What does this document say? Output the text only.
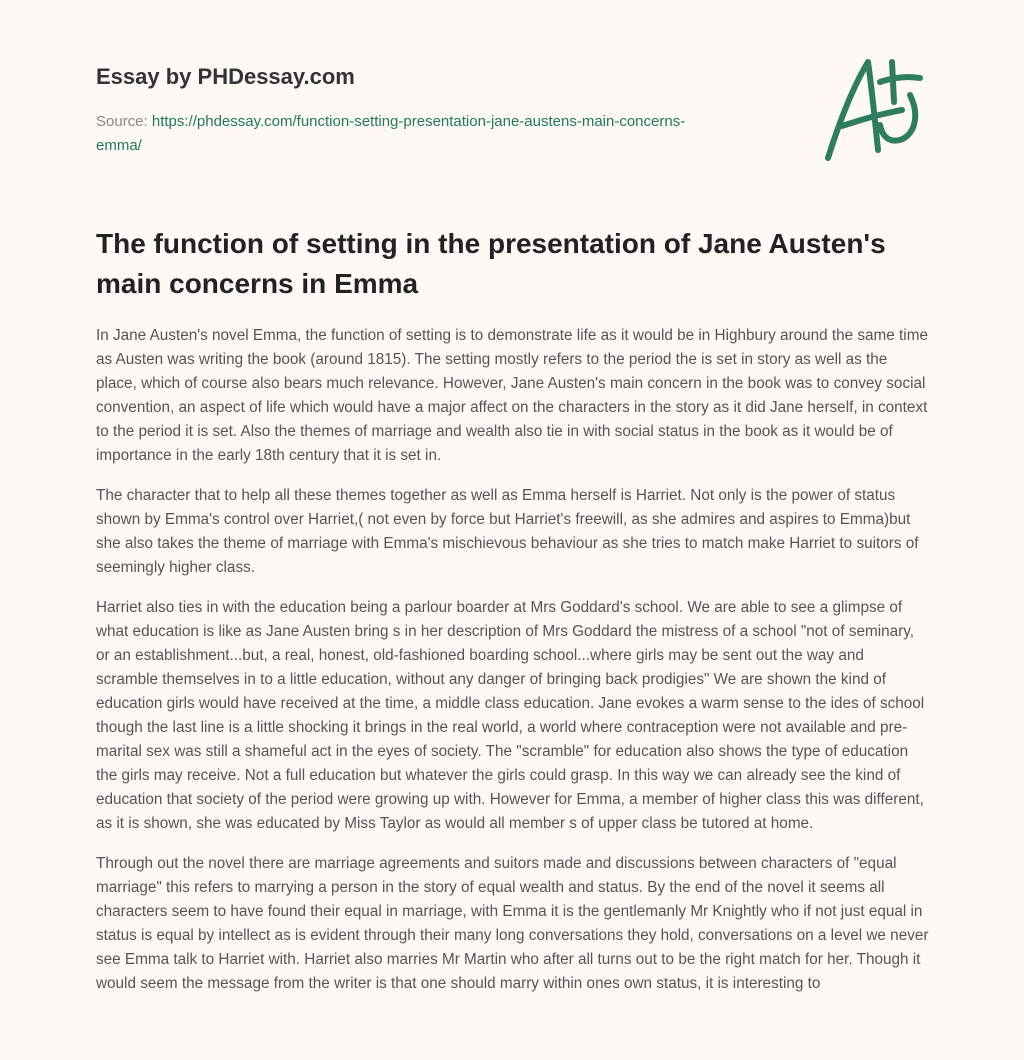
Essay by PHDessay.com
Source: https://phdessay.com/function-setting-presentation-jane-austens-main-concerns-emma/
The function of setting in the presentation of Jane Austen's main concerns in Emma

In Jane Austen's novel Emma, the function of setting is to demonstrate life as it would be in Highbury around the same time as Austen was writing the book (around 1815). The setting mostly refers to the period the is set in story as well as the place, which of course also bears much relevance. However, Jane Austen's main concern in the book was to convey social convention, an aspect of life which would have a major affect on the characters in the story as it did Jane herself, in context to the period it is set. Also the themes of marriage and wealth also tie in with social status in the book as it would be of importance in the early 18th century that it is set in.

The character that to help all these themes together as well as Emma herself is Harriet. Not only is the power of status shown by Emma's control over Harriet,( not even by force but Harriet's freewill, as she admires and aspires to Emma)but she also takes the theme of marriage with Emma's mischievous behaviour as she tries to match make Harriet to suitors of seemingly higher class.

Harriet also ties in with the education being a parlour boarder at Mrs Goddard's school. We are able to see a glimpse of what education is like as Jane Austen bring s in her description of Mrs Goddard the mistress of a school "not of seminary, or an establishment...but, a real, honest, old-fashioned boarding school...where girls may be sent out the way and scramble themselves in to a little education, without any danger of bringing back prodigies" We are shown the kind of education girls would have received at the time, a middle class education. Jane evokes a warm sense to the ides of school though the last line is a little shocking it brings in the real world, a world where contraception were not available and pre-marital sex was still a shameful act in the eyes of society. The "scramble" for education also shows the type of education the girls may receive. Not a full education but whatever the girls could grasp. In this way we can already see the kind of education that society of the period were growing up with. However for Emma, a member of higher class this was different, as it is shown, she was educated by Miss Taylor as would all member s of upper class be tutored at home.

Through out the novel there are marriage agreements and suitors made and discussions between characters of "equal marriage" this refers to marrying a person in the story of equal wealth and status. By the end of the novel it seems all characters seem to have found their equal in marriage, with Emma it is the gentlemanly Mr Knightly who if not just equal in status is equal by intellect as is evident through their many long conversations they hold, conversations on a level we never see Emma talk to Harriet with. Harriet also marries Mr Martin who after all turns out to be the right match for her. Though it would seem the message from the writer is that one should marry within ones own status, it is interesting to
